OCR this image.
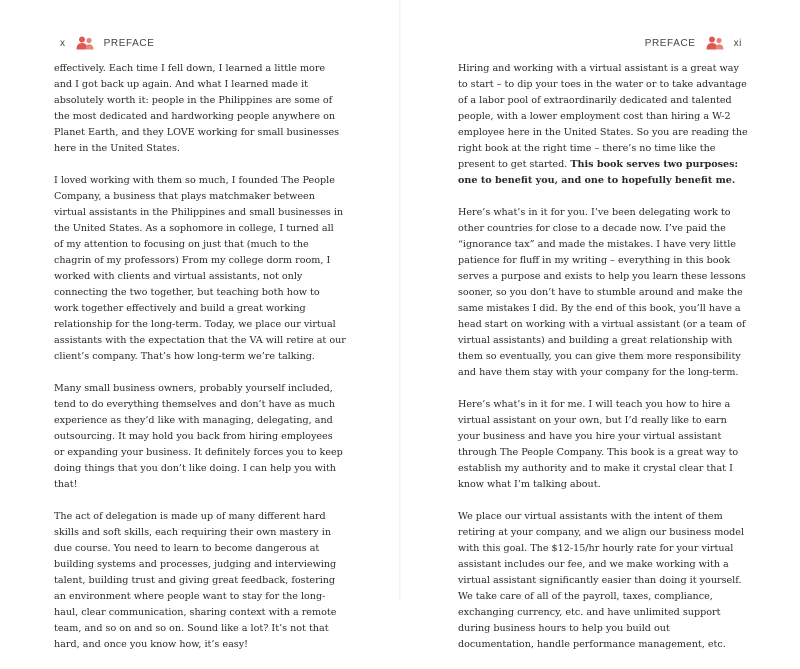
x	PREFACE

effectively. Each time I fell down, I learned a little more and I got back up again. And what I learned made it absolutely worth it: people in the Philippines are some of the most dedicated and hardworking people anywhere on Planet Earth, and they LOVE working for small businesses here in the United States.

I loved working with them so much, I founded The People Company, a business that plays matchmaker between virtual assistants in the Philippines and small businesses in the United States. As a sophomore in college, I turned all of my attention to focusing on just that (much to the chagrin of my professors) From my college dorm room, I worked with clients and virtual assistants, not only connecting the two together, but teaching both how to work together effectively and build a great working relationship for the long-term. Today, we place our virtual assistants with the expectation that the VA will retire at our client’s company. That’s how long-term we’re talking.

Many small business owners, probably yourself included, tend to do everything themselves and don’t have as much experience as they’d like with managing, delegating, and outsourcing. It may hold you back from hiring employees or expanding your business. It definitely forces you to keep doing things that you don’t like doing. I can help you with that!

The act of delegation is made up of many different hard skills and soft skills, each requiring their own mastery in due course. You need to learn to become dangerous at building systems and processes, judging and interviewing talent, building trust and giving great feedback, fostering an environment where people want to stay for the long-haul, clear communication, sharing context with a remote team, and so on and so on. Sound like a lot? It’s not that hard, and once you know how, it’s easy!

PREFACE	xi

Hiring and working with a virtual assistant is a great way to start – to dip your toes in the water or to take advantage of a labor pool of extraordinarily dedicated and talented people, with a lower employment cost than hiring a W-2 employee here in the United States. So you are reading the right book at the right time – there’s no time like the present to get started. This book serves two purposes: one to benefit you, and one to hopefully benefit me.

Here’s what’s in it for you. I’ve been delegating work to other countries for close to a decade now. I’ve paid the “ignorance tax” and made the mistakes. I have very little patience for fluff in my writing – everything in this book serves a purpose and exists to help you learn these lessons sooner, so you don’t have to stumble around and make the same mistakes I did. By the end of this book, you’ll have a head start on working with a virtual assistant (or a team of virtual assistants) and building a great relationship with them so eventually, you can give them more responsibility and have them stay with your company for the long-term.

Here’s what’s in it for me. I will teach you how to hire a virtual assistant on your own, but I’d really like to earn your business and have you hire your virtual assistant through The People Company. This book is a great way to establish my authority and to make it crystal clear that I know what I’m talking about.

We place our virtual assistants with the intent of them retiring at your company, and we align our business model with this goal. The $12-15/hr hourly rate for your virtual assistant includes our fee, and we make working with a virtual assistant significantly easier than doing it yourself. We take care of all of the payroll, taxes, compliance, exchanging currency, etc. and have unlimited support during business hours to help you build out documentation, handle performance management, etc.
